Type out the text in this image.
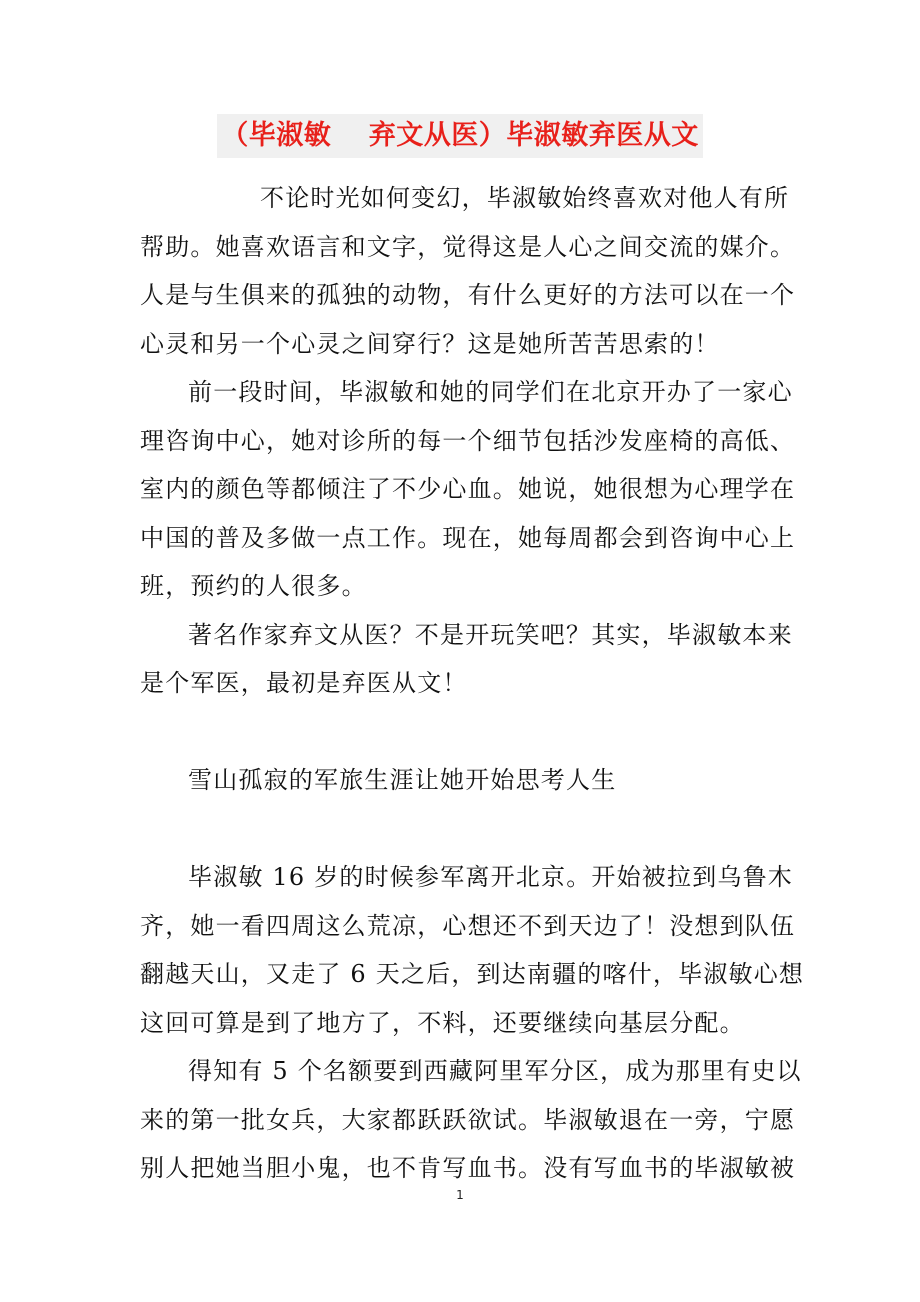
（毕淑敏　 弃文从医）毕淑敏弃医从文
不论时光如何变幻，毕淑敏始终喜欢对他人有所
帮助。她喜欢语言和文字，觉得这是人心之间交流的媒介。
人是与生俱来的孤独的动物，有什么更好的方法可以在一个
心灵和另一个心灵之间穿行？这是她所苦苦思索的！
前一段时间，毕淑敏和她的同学们在北京开办了一家心
理咨询中心，她对诊所的每一个细节包括沙发座椅的高低、
室内的颜色等都倾注了不少心血。她说，她很想为心理学在
中国的普及多做一点工作。现在，她每周都会到咨询中心上
班，预约的人很多。
著名作家弃文从医？不是开玩笑吧？其实，毕淑敏本来
是个军医，最初是弃医从文！
雪山孤寂的军旅生涯让她开始思考人生
毕淑敏 16 岁的时候参军离开北京。开始被拉到乌鲁木
齐，她一看四周这么荒凉，心想还不到天边了！没想到队伍
翻越天山，又走了 6 天之后，到达南疆的喀什，毕淑敏心想
这回可算是到了地方了，不料，还要继续向基层分配。
得知有 5 个名额要到西藏阿里军分区，成为那里有史以
来的第一批女兵，大家都跃跃欲试。毕淑敏退在一旁，宁愿
别人把她当胆小鬼，也不肯写血书。没有写血书的毕淑敏被
1
